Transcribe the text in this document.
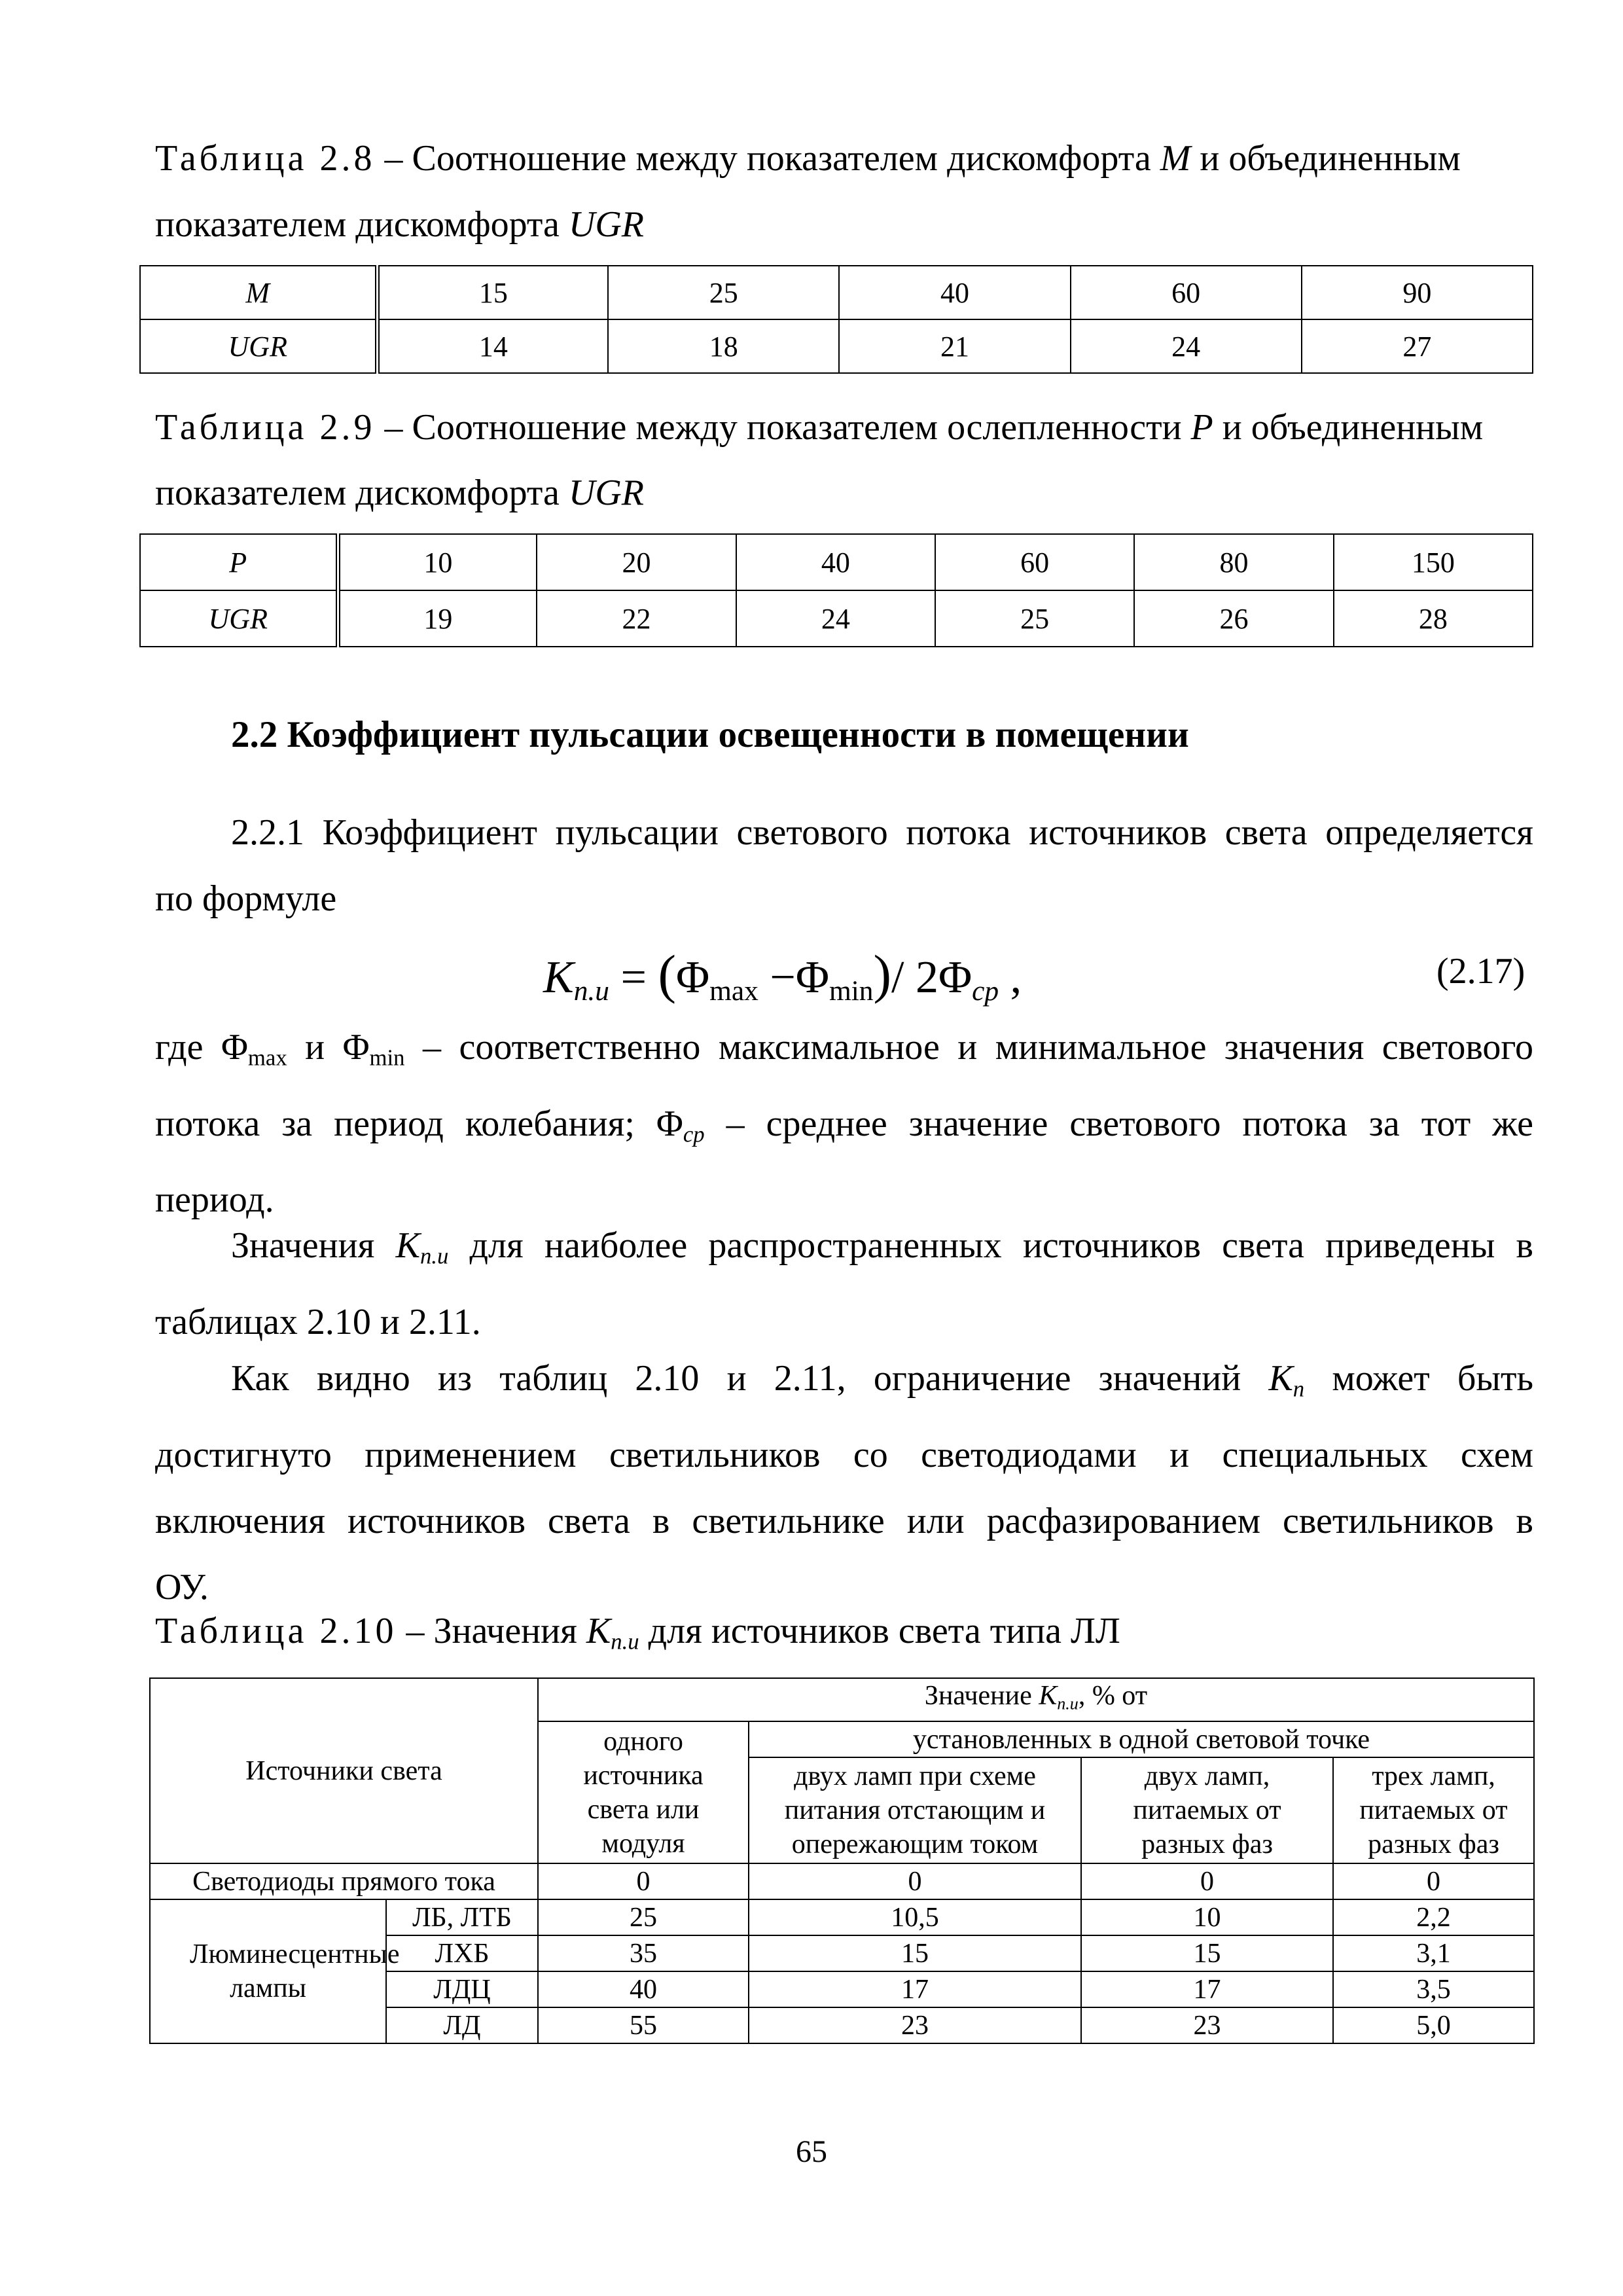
Таблица 2.8 – Соотношение между показателем дискомфорта М и объединенным
показателем дискомфорта UGR
M	15	25	40	60	90
UGR	14	18	21	24	27
Таблица 2.9 – Соотношение между показателем ослепленности Р и объединенным
показателем дискомфорта UGR
P	10	20	40	60	80	150
UGR	19	22	24	25	26	28
2.2 Коэффициент пульсации освещенности в помещении
2.2.1 Коэффициент пульсации светового потока источников света определяется
по формуле
$K_{п.и} = (\Phi\max -\Phi\min)/$ $2\Phi_{ср}$ ,	(2.17)
где Φmax и Φmin – соответственно максимальное и минимальное значения светового
потока за период колебания; $\Phi_{ср}$ – среднее значение светового потока за тот же
период.
Значения $K_{п.и}$ для наиболее распространенных источников света приведены в
таблицах 2.10 и 2.11.
Как видно из таблиц 2.10 и 2.11, ограничение значений $K_п$ может быть
достигнуто применением светильников со светодиодами и специальных схем
включения источников света в светильнике или расфазированием светильников в
ОУ.
Таблица 2.10 – Значения $K_{п.и}$ для источников света типа ЛЛ
Источники света		Значение $K_{п.и}$, % от			
		одного источника света или модуля	установленных в одной световой точке		
			двух ламп при схеме питания отстающим и опережающим током	двух ламп, питаемых от разных фаз	трех ламп, питаемых от разных фаз
Светодиоды прямого тока		0	0	0	0
Люминесцентные лампы	ЛБ, ЛТБ	25	10,5	10	2,2
	ЛХБ	35	15	15	3,1
	ЛДЦ	40	17	17	3,5
	ЛД	55	23	23	5,0
65
